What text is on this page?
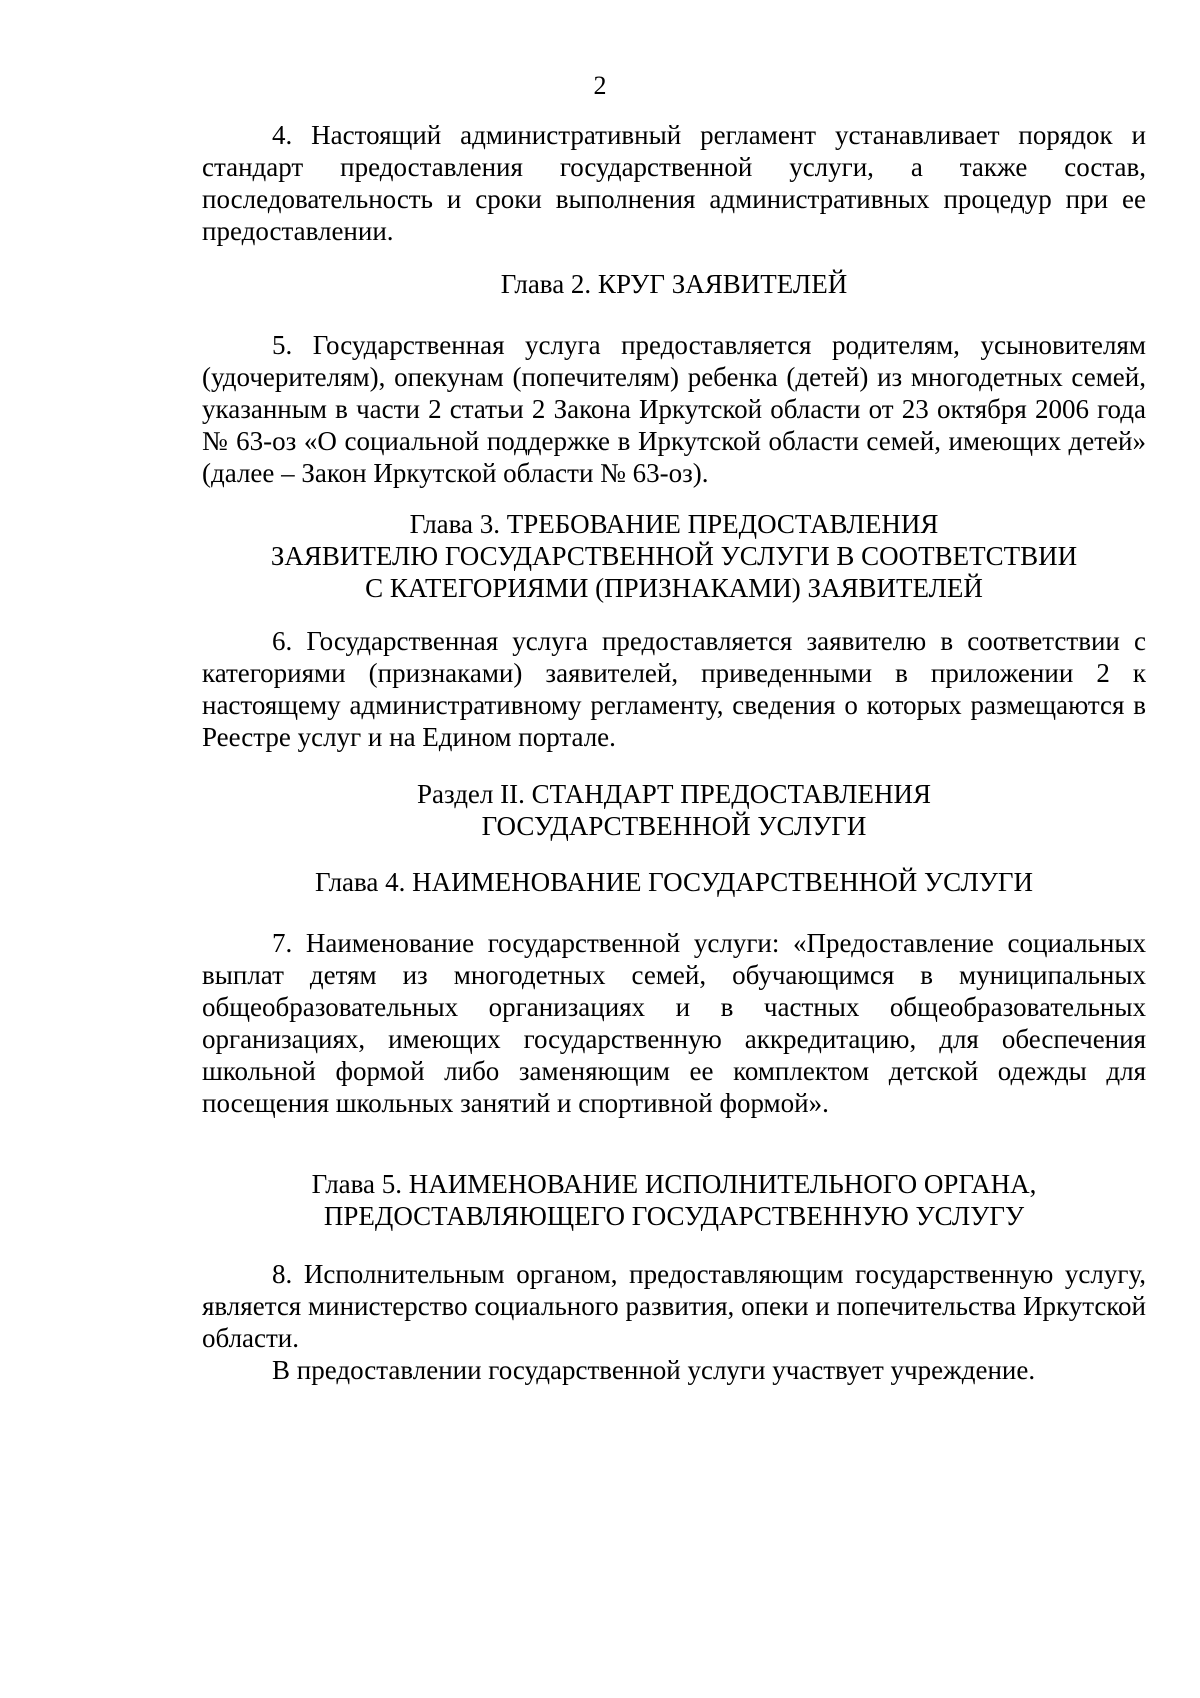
2

4. Настоящий административный регламент устанавливает порядок и стандарт предоставления государственной услуги, а также состав, последовательность и сроки выполнения административных процедур при ее предоставлении.

Глава 2. КРУГ ЗАЯВИТЕЛЕЙ

5. Государственная услуга предоставляется родителям, усыновителям (удочерителям), опекунам (попечителям) ребенка (детей) из многодетных семей, указанным в части 2 статьи 2 Закона Иркутской области от 23 октября 2006 года № 63-оз «О социальной поддержке в Иркутской области семей, имеющих детей» (далее – Закон Иркутской области № 63-оз).

Глава 3. ТРЕБОВАНИЕ ПРЕДОСТАВЛЕНИЯ
ЗАЯВИТЕЛЮ ГОСУДАРСТВЕННОЙ УСЛУГИ В СООТВЕТСТВИИ
С КАТЕГОРИЯМИ (ПРИЗНАКАМИ) ЗАЯВИТЕЛЕЙ

6. Государственная услуга предоставляется заявителю в соответствии с категориями (признаками) заявителей, приведенными в приложении 2 к настоящему административному регламенту, сведения о которых размещаются в Реестре услуг и на Едином портале.

Раздел II. СТАНДАРТ ПРЕДОСТАВЛЕНИЯ
ГОСУДАРСТВЕННОЙ УСЛУГИ

Глава 4. НАИМЕНОВАНИЕ ГОСУДАРСТВЕННОЙ УСЛУГИ

7. Наименование государственной услуги: «Предоставление социальных выплат детям из многодетных семей, обучающимся в муниципальных общеобразовательных организациях и в частных общеобразовательных организациях, имеющих государственную аккредитацию, для обеспечения школьной формой либо заменяющим ее комплектом детской одежды для посещения школьных занятий и спортивной формой».

Глава 5. НАИМЕНОВАНИЕ ИСПОЛНИТЕЛЬНОГО ОРГАНА,
ПРЕДОСТАВЛЯЮЩЕГО ГОСУДАРСТВЕННУЮ УСЛУГУ

8. Исполнительным органом, предоставляющим государственную услугу, является министерство социального развития, опеки и попечительства Иркутской области.

В предоставлении государственной услуги участвует учреждение.
